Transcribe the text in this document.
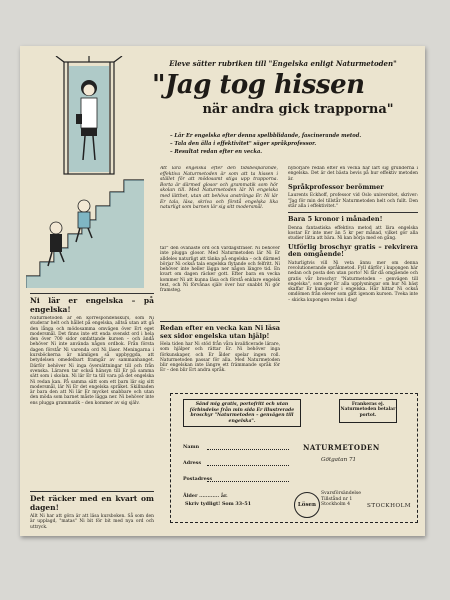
Eleve sätter rubriken till "Engelska enligt Naturmetoden"
"Jag tog hissen
när andra gick trapporna"
– Lär Er engelska efter denna spelbblidande, fascinerande metod.
– Tala den älla i effektivitet" säger språkprofessor.
– Resultat redan efter en vecka.

Att lära engelska efter den tidsbesparande, effektiva Naturmetoden är som att ta hissen i stället för att mödosamt stiga upp trapporna. Borta är därmed glosor och grammatik som hör skolan till. Med Naturmetoden lär Ni engelska med lätthet, utan att behöva anstränga Er. Ni lär Er tala, läsa, skriva och förstå engelska lika naturligt som barnen lär sig sitt modersmål.

Ni lär er engelska – på engelska!

Naturmetoden är en korrespondenskurs, som Ni studerar helt och hållet på engelska, alltså utan att gå den långa och mödosamma omvägen över Ert eget modersmål. Det finns inte ett enda svenskt ord i hela den över 700 sidor omfattande kursen – och ändå behöver Ni inte använda någon ordbok. Från första dagen förstår Ni varenda ord Ni läser. Meningarna i kursböckerna är nämligen så uppbyggda, att betydelsen omedelbart framgår av sammanhanget. Därför behöver Ni inga översättningar till och från svenska. Läraren tar också hänsyn till Er på samma sätt som i skolan. Ni lär Er ta till vara på det engelska Ni redan kan. På samma sätt som ett barn lär sig sitt modersmål, lär Ni Er det engelska språket. Skillnaden är bara den att Ni lär Er mycket snabbare och utan den möda som barnet måste lägga ner. Ni behöver inte ens plugga grammatik – den kommer av sig själv.

Det räcker med en kvart om dagen!

Allt Ni har att göra är att läsa kursboken. Så som den är upplagd, "matas" Ni bit för bit med nya ord och uttryck.

tar" den ovanaste ord och vardagsfraser. Ni behöver inte plugga glosor. Med Naturmetoden lär Ni Er alldeles naturligt att tänka på engelska – och därmed börjar Ni också tala engelska flytande och felfritt. Ni behöver inte heller lägga ner någon längre tid. En kvart om dagen räcker gott. Efter bara en vecka kommer Ni att kunna läsa och förstå enklare engelsk text, och Ni förvånas själv över hur snabbt Ni gör framsteg.

Redan efter en vecka kan Ni läsa sex sidor engelska utan hjälp!

Hela tiden har Ni stöd från våra kvalificerade lärare, som hjälper och rättar Er. Ni behöver inga förkunskaper, och Er ålder spelar ingen roll. Naturmetoden passar för alla. Med Naturmetoden blir engelskan inte längre ett främmande språk för Er – den blir Ert andra språk.

nybörjare redan efter en vecka har lärt sig grunderna i engelska. Det är det bästa bevis på hur effektiv metoden är.

Språkprofessor berömmer

Laurents Eckhoff, professor vid Oslo universitet, skriver: "Jag för min del tillstår Naturmetoden helt och fullt. Den står alla i effektivitet."

Bara 5 kronor i månaden!

Denna fantastiska effektiva metod att lära engelska kostar Er inte mer än 5 kr per månad, vilket gör alla studier lätta att bära. Ni kan börja med en gång.

Utförlig broschyr gratis – rekvirera den omgående!

Naturligtvis vill Ni veta ännu mer om denna revolutionerande språkmetod. Fyll därför i kupongen här nedan och posta den utan porto! Ni får då omgående och gratis vår broschyr "Naturmetoden – genvägen till engelska", som ger Er alla upplysningar om hur Ni bäst skaffar Er kunskaper i engelska. Här hittar Ni också omdömen från elever som gått igenom kursen. Tveka inte – skicka kupongen redan i dag!

Sänd mig gratis, portofritt och utan förbindelse från min sida Er illustrerade broschyr "Naturmetoden – genvägen till engelska".
Namn
Adress
Postadress
Ålder ............ år.
Skriv tydligt! Som 33–51
Frankeras ej. Naturmetoden betalar portot.
NATURMETODEN
Götgatan 71
Lösen
Svarsförsändelse
Tillstånd nr 1
Stockholm 4	STOCKHOLM
